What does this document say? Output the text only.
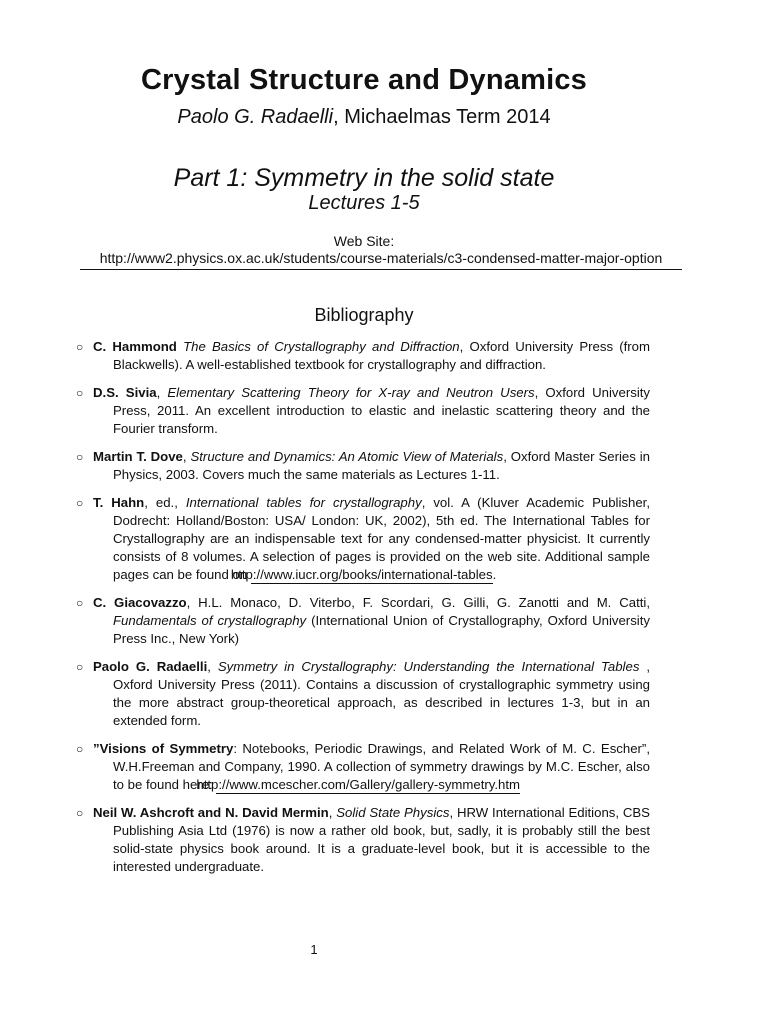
Crystal Structure and Dynamics
Paolo G. Radaelli, Michaelmas Term 2014
Part 1: Symmetry in the solid state
Lectures 1-5
Web Site:
http://www2.physics.ox.ac.uk/students/course-materials/c3-condensed-matter-major-option
Bibliography
○ C. Hammond The Basics of Crystallography and Diffraction, Oxford University Press (from Blackwells). A well-established textbook for crystallography and diffraction.
○ D.S. Sivia, Elementary Scattering Theory for X-ray and Neutron Users, Oxford University Press, 2011. An excellent introduction to elastic and inelastic scattering theory and the Fourier transform.
○ Martin T. Dove, Structure and Dynamics: An Atomic View of Materials, Oxford Master Series in Physics, 2003. Covers much the same materials as Lectures 1-11.
○ T. Hahn, ed., International tables for crystallography, vol. A (Kluver Academic Publisher, Dodrecht: Holland/Boston: USA/ London: UK, 2002), 5th ed. The International Tables for Crystallography are an indispensable text for any condensed-matter physicist. It currently consists of 8 volumes. A selection of pages is provided on the web site. Additional sample pages can be found on http://www.iucr.org/books/international-tables.
○ C. Giacovazzo, H.L. Monaco, D. Viterbo, F. Scordari, G. Gilli, G. Zanotti and M. Catti, Fundamentals of crystallography (International Union of Crystallography, Oxford University Press Inc., New York)
○ Paolo G. Radaelli, Symmetry in Crystallography: Understanding the International Tables , Oxford University Press (2011). Contains a discussion of crystallographic symmetry using the more abstract group-theoretical approach, as described in lectures 1-3, but in an extended form.
○ ”Visions of Symmetry: Notebooks, Periodic Drawings, and Related Work of M. C. Escher”, W.H.Freeman and Company, 1990. A collection of symmetry drawings by M.C. Escher, also to be found here: http://www.mcescher.com/Gallery/gallery-symmetry.htm
○ Neil W. Ashcroft and N. David Mermin, Solid State Physics, HRW International Editions, CBS Publishing Asia Ltd (1976) is now a rather old book, but, sadly, it is probably still the best solid-state physics book around. It is a graduate-level book, but it is accessible to the interested undergraduate.
1
